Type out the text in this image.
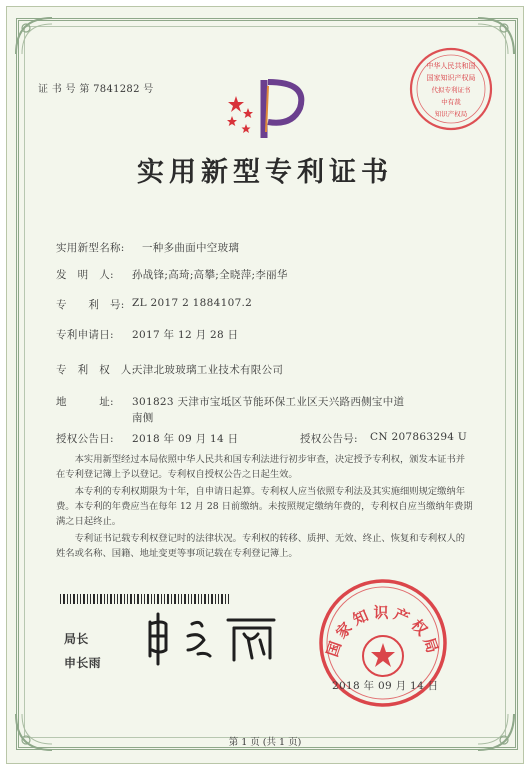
证 书 号 第 7841282 号
中华人民共和国
国家知识产权局
代拟专利证书
中有裁
知识产权局
实用新型专利证书
实用新型名称: 一种多曲面中空玻璃
发　明　人: 孙战锋;高琦;高攀;全晓萍;李丽华
专　　利　号: ZL 2017 2 1884107.2
专利申请日: 2017 年 12 月 28 日
专　利　权　人:
天津北玻玻璃工业技术有限公司
地　　　址: 301823 天津市宝坻区节能环保工业区天兴路西侧宝中道
南侧
授权公告日: 2018 年 09 月 14 日	授权公告号: CN 207863294 U
本实用新型经过本局依照中华人民共和国专利法进行初步审查，决定授予专利权，颁发本证书并在专利登记簿上予以登记。专利权自授权公告之日起生效。
本专利的专利权期限为十年，自申请日起算。专利权人应当依照专利法及其实施细则规定缴纳年费。本专利的年费应当在每年 12 月 28 日前缴纳。未按照规定缴纳年费的，专利权自应当缴纳年费期满之日起终止。
专利证书记载专利权登记时的法律状况。专利权的转移、质押、无效、终止、恢复和专利权人的姓名或名称、国籍、地址变更等事项记载在专利登记簿上。
局长
申长雨
国家知识产权局
2018 年 09 月 14 日
第 1 页 (共 1 页)
